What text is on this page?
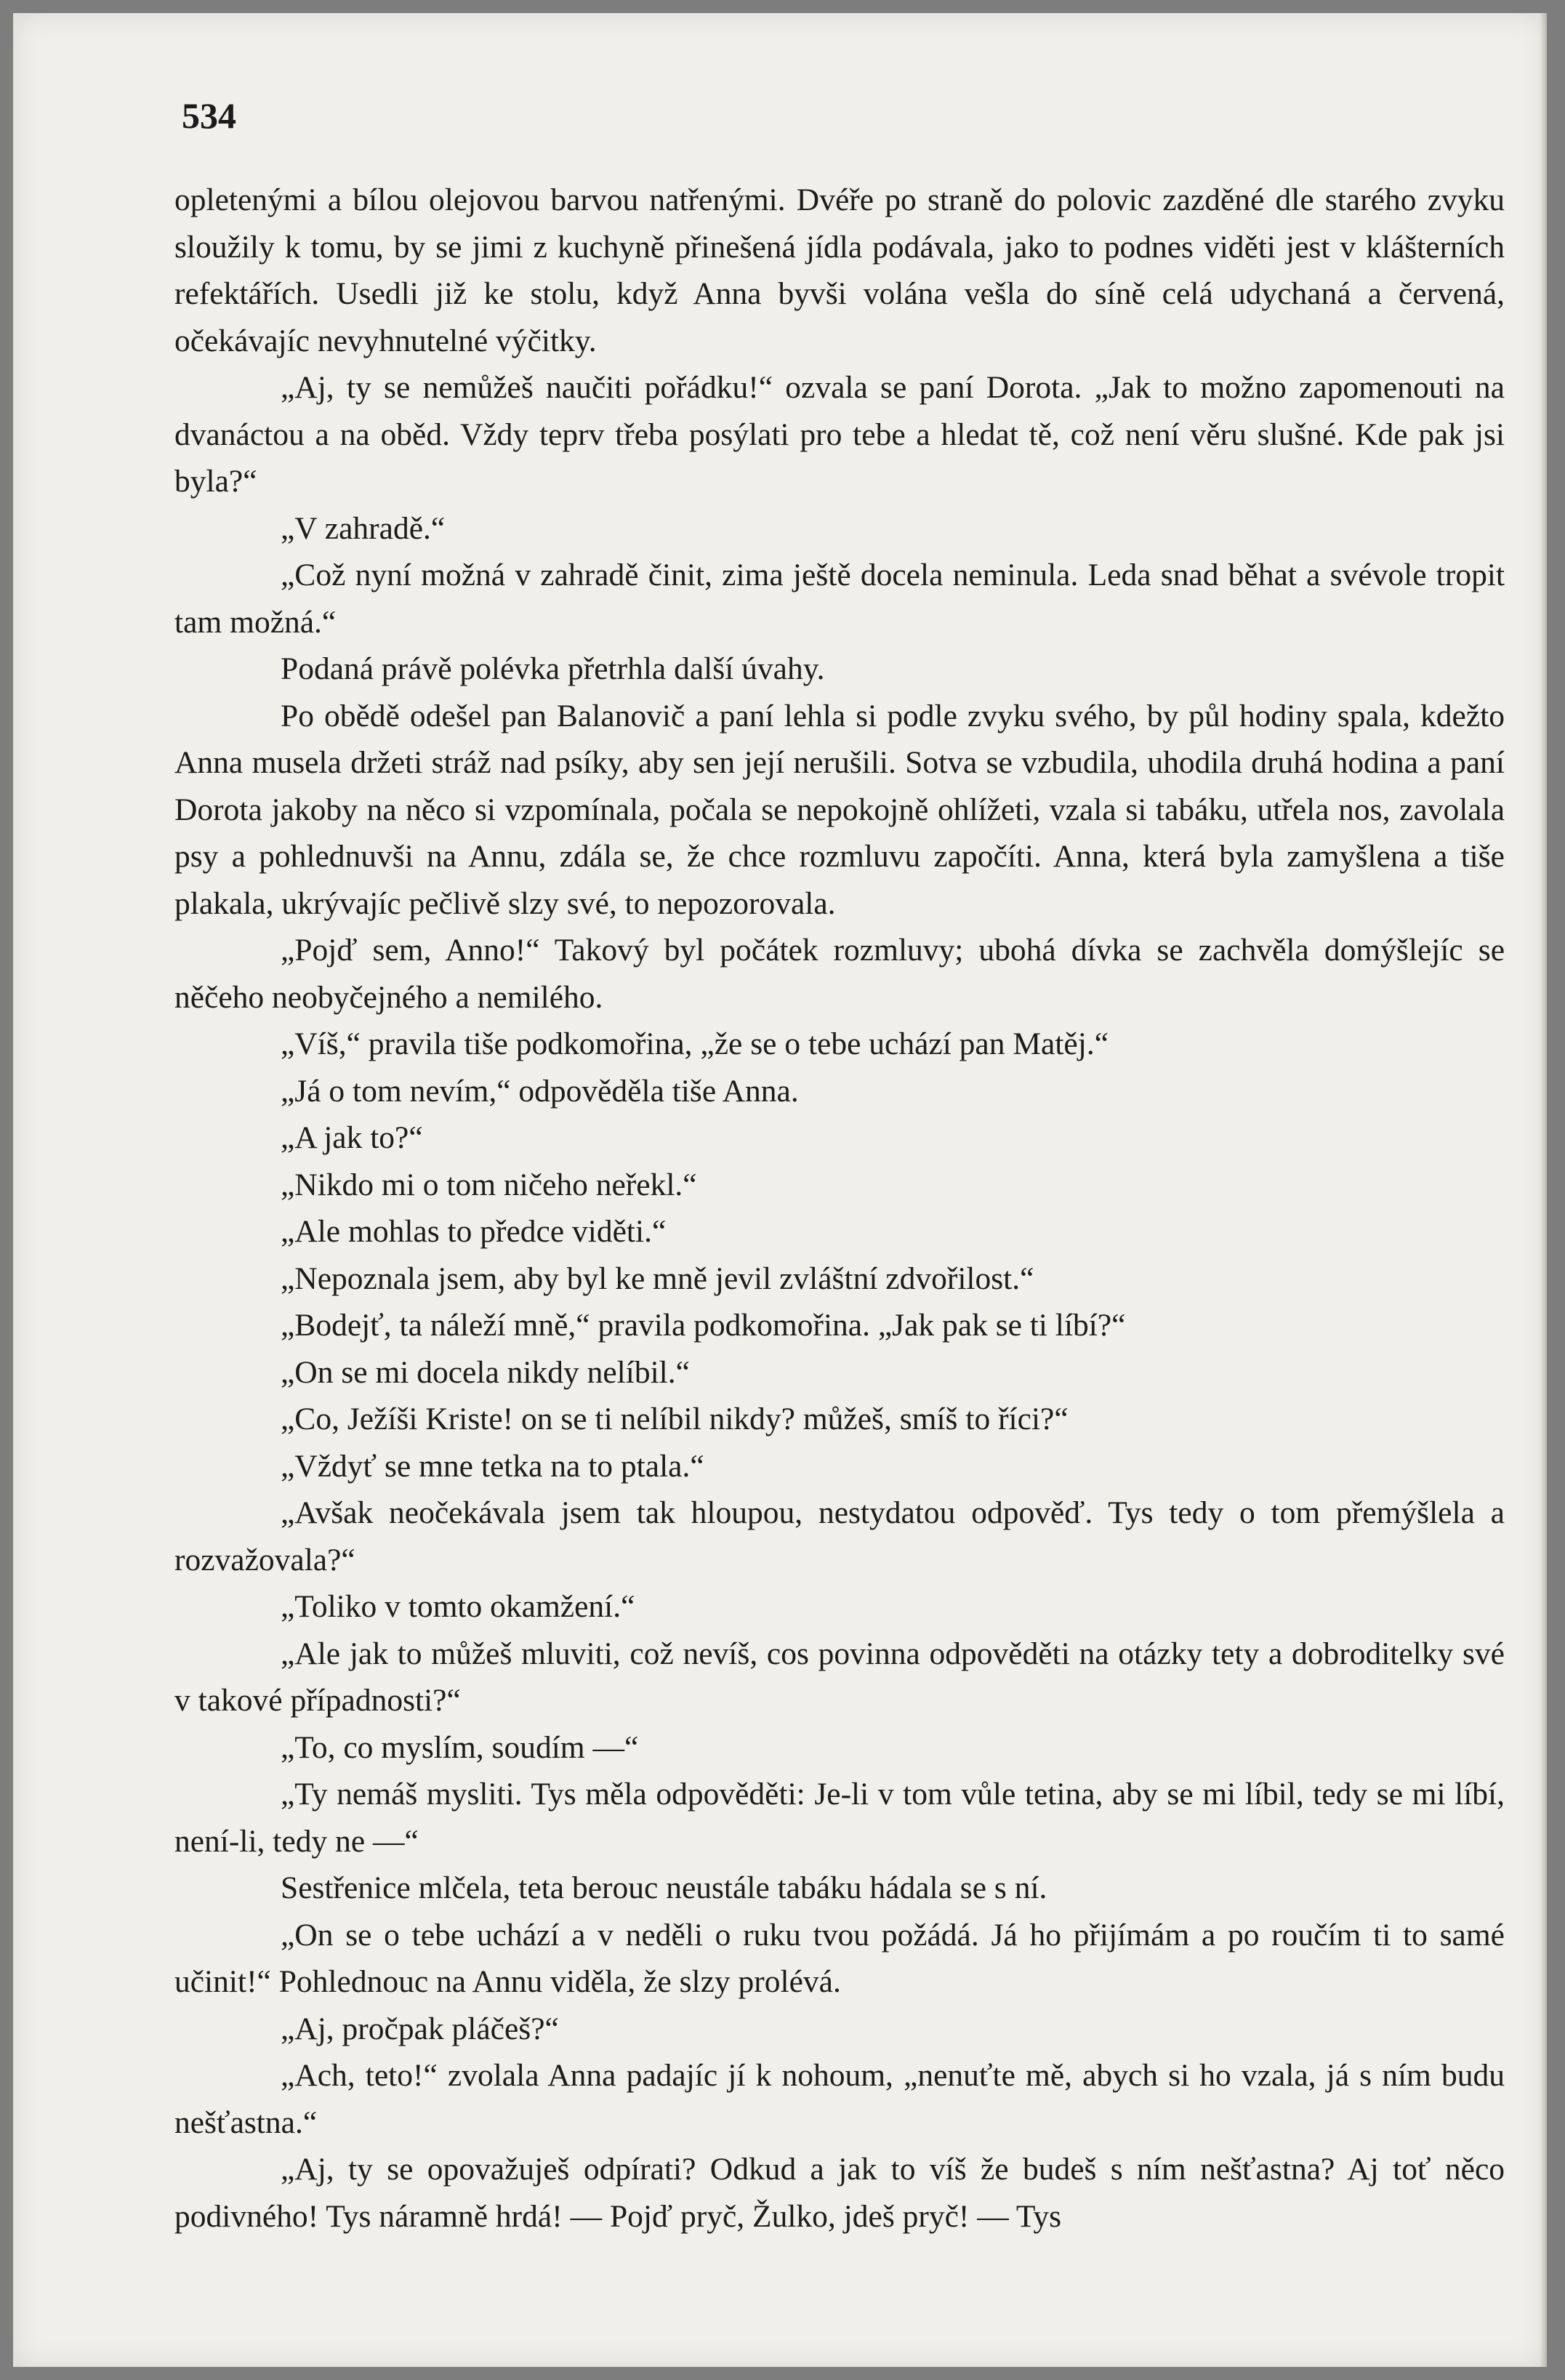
534

opletenými a bílou olejovou barvou natřenými. Dvéře po straně do polovic zazděné dle starého zvyku sloužily k tomu, by se jimi z kuchyně přinešená jídla podávala, jako to podnes viděti jest v klášterních refektářích. Usedli již ke stolu, když Anna byvši volána vešla do síně celá udychaná a červená, očekávajíc nevyhnutelné výčitky.

„Aj, ty se nemůžeš naučiti pořádku!“ ozvala se paní Dorota. „Jak to možno zapomenouti na dvanáctou a na oběd. Vždy teprv třeba posýlati pro tebe a hledat tě, což není věru slušné. Kde pak jsi byla?“

„V zahradě.“

„Což nyní možná v zahradě činit, zima ještě docela neminula. Leda snad běhat a svévole tropit tam možná.“

Podaná právě polévka přetrhla další úvahy.

Po obědě odešel pan Balanovič a paní lehla si podle zvyku svého, by půl hodiny spala, kdežto Anna musela držeti stráž nad psíky, aby sen její nerušili. Sotva se vzbudila, uhodila druhá hodina a paní Dorota jakoby na něco si vzpomínala, počala se nepokojně ohlížeti, vzala si tabáku, utřela nos, zavolala psy a pohlednuvši na Annu, zdála se, že chce rozmluvu započíti. Anna, která byla zamyšlena a tiše plakala, ukrývajíc pečlivě slzy své, to nepozorovala.

„Pojď sem, Anno!“ Takový byl počátek rozmluvy; ubohá dívka se zachvěla domýšlejíc se něčeho neobyčejného a nemilého.

„Víš,“ pravila tiše podkomořina, „že se o tebe uchází pan Matěj.“

„Já o tom nevím,“ odpověděla tiše Anna.

„A jak to?“

„Nikdo mi o tom ničeho neřekl.“

„Ale mohlas to předce viděti.“

„Nepoznala jsem, aby byl ke mně jevil zvláštní zdvořilost.“

„Bodejť, ta náleží mně,“ pravila podkomořina. „Jak pak se ti líbí?“

„On se mi docela nikdy nelíbil.“

„Co, Ježíši Kriste! on se ti nelíbil nikdy? můžeš, smíš to říci?“

„Vždyť se mne tetka na to ptala.“

„Avšak neočekávala jsem tak hloupou, nestydatou odpověď. Tys tedy o tom přemýšlela a rozvažovala?“

„Toliko v tomto okamžení.“

„Ale jak to můžeš mluviti, což nevíš, cos povinna odpověděti na otázky tety a dobroditelky své v takové případnosti?“

„To, co myslím, soudím —“

„Ty nemáš mysliti. Tys měla odpověděti: Je-li v tom vůle tetina, aby se mi líbil, tedy se mi líbí, není-li, tedy ne —“

Sestřenice mlčela, teta berouc neustále tabáku hádala se s ní.

„On se o tebe uchází a v neděli o ruku tvou požádá. Já ho přijímám a po roučím ti to samé učinit!“ Pohlednouc na Annu viděla, že slzy prolévá.

„Aj, pročpak pláčeš?“

„Ach, teto!“ zvolala Anna padajíc jí k nohoum, „nenuťte mě, abych si ho vzala, já s ním budu nešťastna.“

„Aj, ty se opovažuješ odpírati? Odkud a jak to víš že budeš s ním nešťastna? Aj toť něco podivného! Tys náramně hrdá! — Pojď pryč, Žulko, jdeš pryč! — Tys
